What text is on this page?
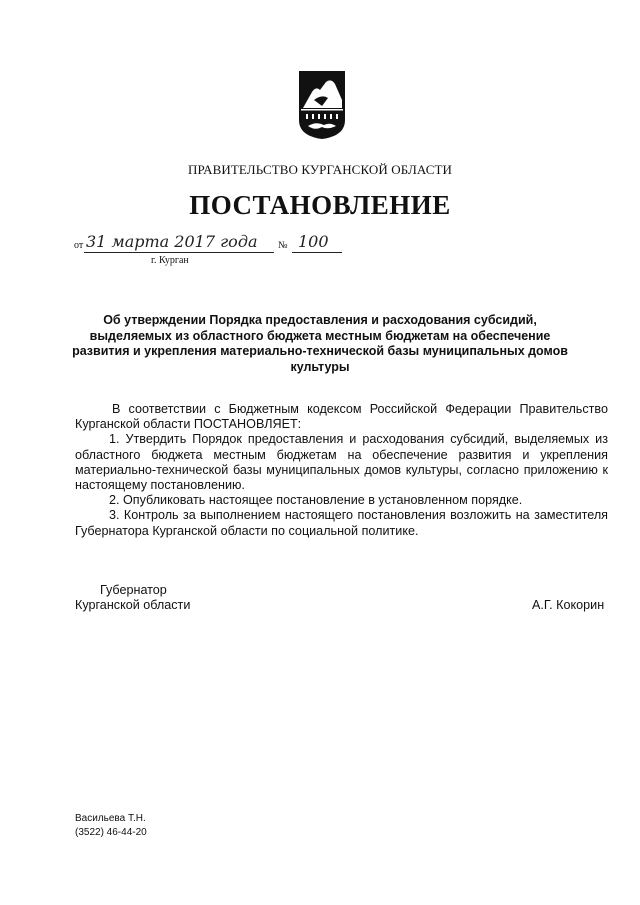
ПРАВИТЕЛЬСТВО КУРГАНСКОЙ ОБЛАСТИ
ПОСТАНОВЛЕНИЕ
от 31 марта 2017 года № 100
г. Курган
Об утверждении Порядка предоставления и расходования субсидий,
выделяемых из областного бюджета местным бюджетам на обеспечение
развития и укрепления материально-технической базы муниципальных домов
культуры

В соответствии с Бюджетным кодексом Российской Федерации Правительство Курганской области ПОСТАНОВЛЯЕТ:

1. Утвердить Порядок предоставления и расходования субсидий, выделяемых из областного бюджета местным бюджетам на обеспечение развития и укрепления материально-технической базы муниципальных домов культуры, согласно приложению к настоящему постановлению.

2. Опубликовать настоящее постановление в установленном порядке.

3. Контроль за выполнением настоящего постановления возложить на заместителя Губернатора Курганской области по социальной политике.

Губернатор
Курганской области	А.Г. Кокорин
Васильева Т.Н.
(3522) 46-44-20
